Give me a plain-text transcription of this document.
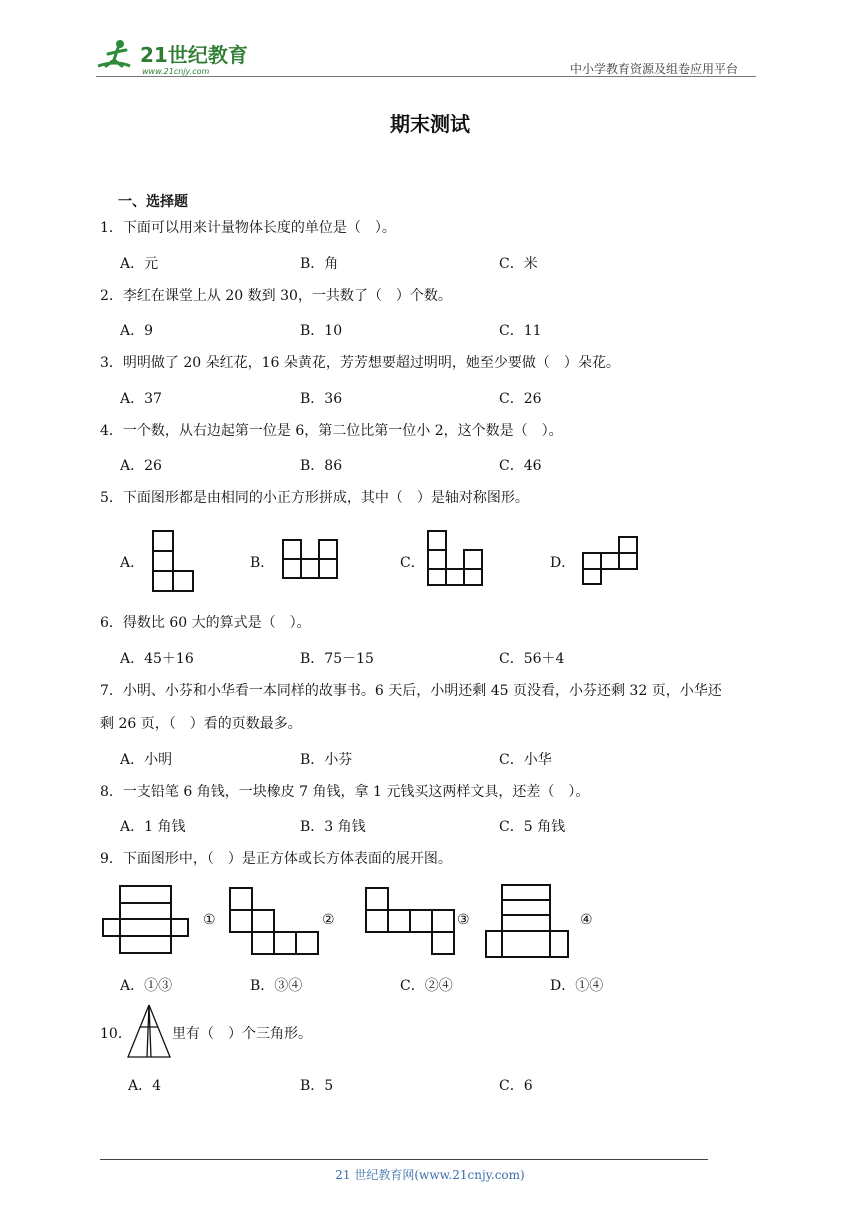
21世纪教育
www.21cnjy.com	中小学教育资源及组卷应用平台
期末测试
一、选择题
1．下面可以用来计量物体长度的单位是（　）。
A．元	B．角	C．米
2．李红在课堂上从 20 数到 30，一共数了（　）个数。
A．9	B．10	C．11
3．明明做了 20 朵红花，16 朵黄花，芳芳想要超过明明，她至少要做（　）朵花。
A．37	B．36	C．26
4．一个数，从右边起第一位是 6，第二位比第一位小 2，这个数是（　）。
A．26	B．86	C．46
5．下面图形都是由相同的小正方形拼成，其中（　）是轴对称图形。
A．	B．	C．	D．
6．得数比 60 大的算式是（　）。
A．45＋16	B．75－15	C．56＋4
7．小明、小芬和小华看一本同样的故事书。6 天后，小明还剩 45 页没看，小芬还剩 32 页，小华还
剩 26 页，（　）看的页数最多。
A．小明	B．小芬	C．小华
8．一支铅笔 6 角钱，一块橡皮 7 角钱，拿 1 元钱买这两样文具，还差（　）。
A．1 角钱	B．3 角钱	C．5 角钱
9．下面图形中，（　）是正方体或长方体表面的展开图。
①	②	③	④
A．①③	B．③④	C．②④	D．①④
10．	里有（　）个三角形。
A．4	B．5	C．6
21 世纪教育网(www.21cnjy.com)
